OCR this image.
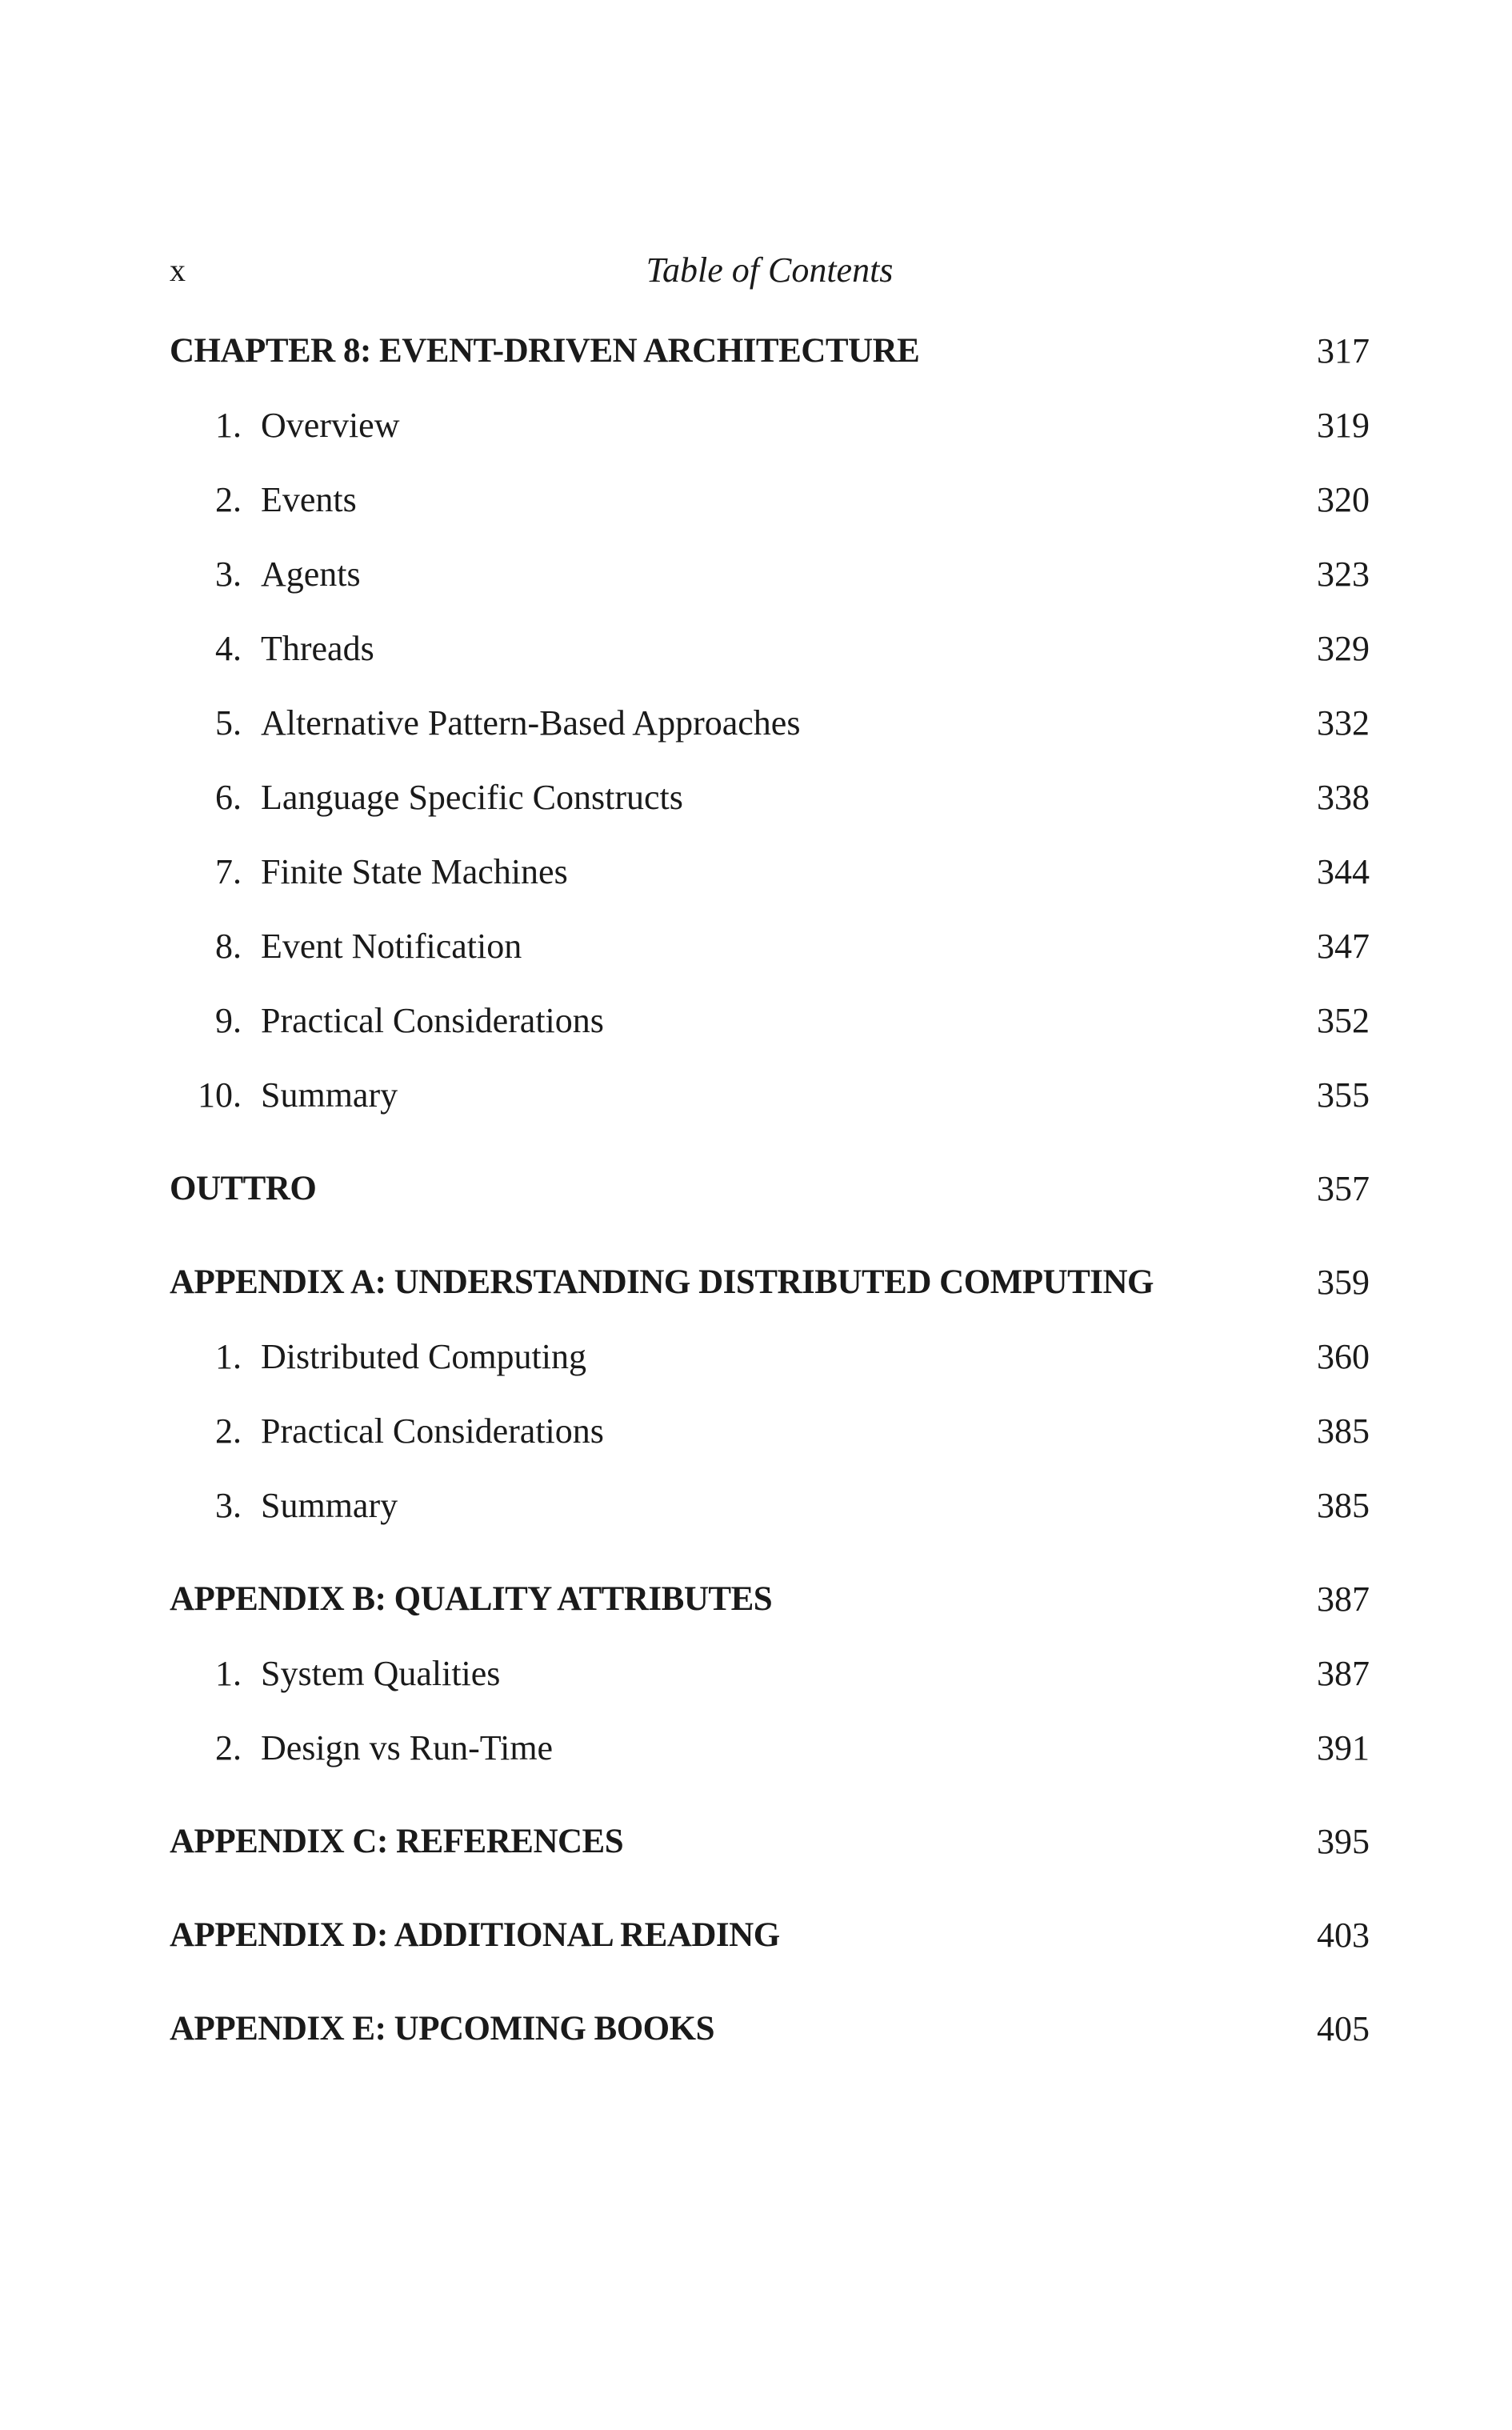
x	Table of Contents
CHAPTER 8: EVENT-DRIVEN ARCHITECTURE	317
1. Overview	319
2. Events	320
3. Agents	323
4. Threads	329
5. Alternative Pattern-Based Approaches	332
6. Language Specific Constructs	338
7. Finite State Machines	344
8. Event Notification	347
9. Practical Considerations	352
10. Summary	355
OUTTRO	357
APPENDIX A: UNDERSTANDING DISTRIBUTED COMPUTING	359
1. Distributed Computing	360
2. Practical Considerations	385
3. Summary	385
APPENDIX B: QUALITY ATTRIBUTES	387
1. System Qualities	387
2. Design vs Run-Time	391
APPENDIX C: REFERENCES	395
APPENDIX D: ADDITIONAL READING	403
APPENDIX E: UPCOMING BOOKS	405
